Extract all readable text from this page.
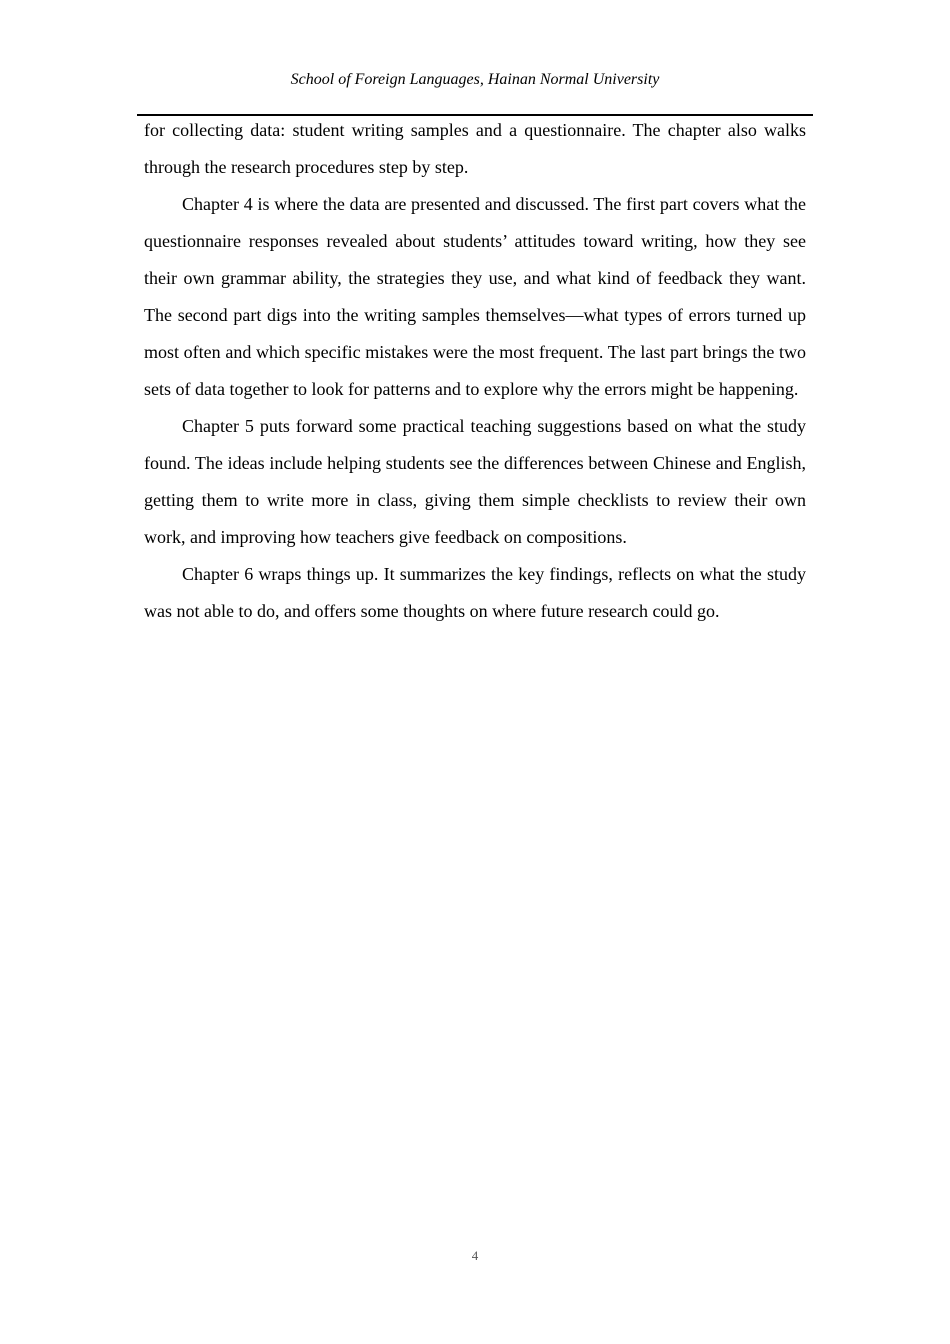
School of Foreign Languages, Hainan Normal University

for collecting data: student writing samples and a questionnaire. The chapter also walks through the research procedures step by step.

Chapter 4 is where the data are presented and discussed. The first part covers what the questionnaire responses revealed about students’ attitudes toward writing, how they see their own grammar ability, the strategies they use, and what kind of feedback they want. The second part digs into the writing samples themselves—what types of errors turned up most often and which specific mistakes were the most frequent. The last part brings the two sets of data together to look for patterns and to explore why the errors might be happening.

Chapter 5 puts forward some practical teaching suggestions based on what the study found. The ideas include helping students see the differences between Chinese and English, getting them to write more in class, giving them simple checklists to review their own work, and improving how teachers give feedback on compositions.

Chapter 6 wraps things up. It summarizes the key findings, reflects on what the study was not able to do, and offers some thoughts on where future research could go.

4
